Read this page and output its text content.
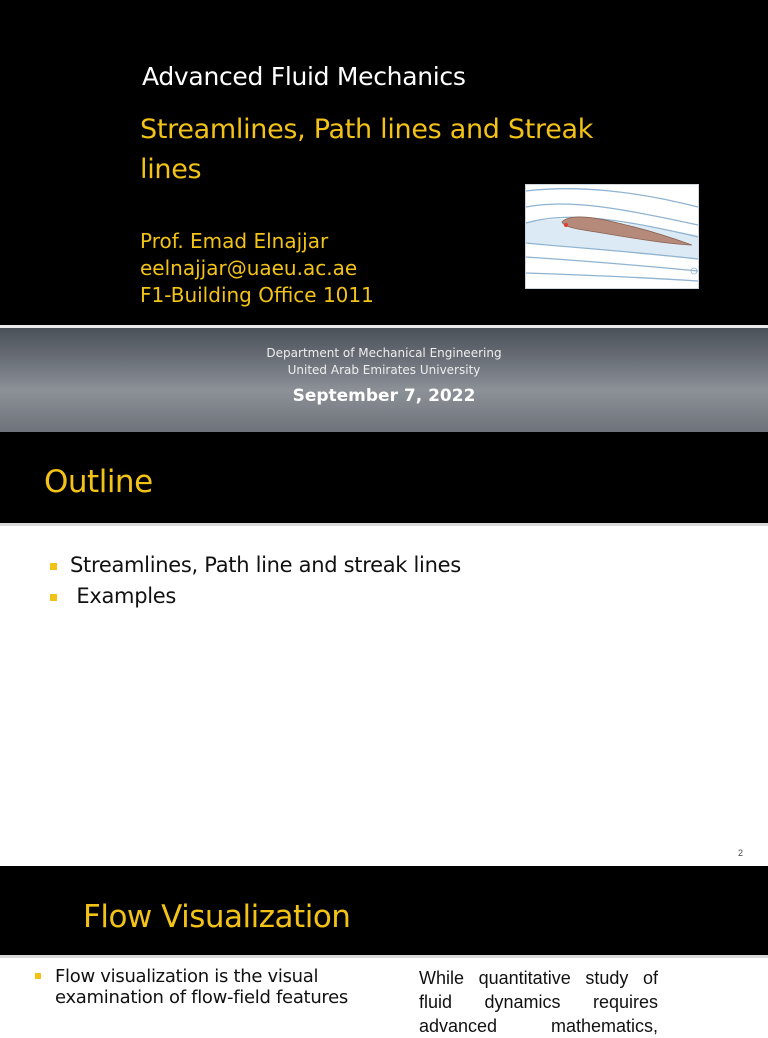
Advanced Fluid Mechanics
Streamlines, Path lines and Streak lines
Prof. Emad Elnajjar
eelnajjar@uaeu.ac.ae
F1-Building Office 1011
Department of Mechanical Engineering
United Arab Emirates University
September 7, 2022
Outline
Streamlines, Path line and streak lines
Examples
2
Flow Visualization
Flow visualization is the visual examination of flow-field features
While quantitative study of fluid dynamics requires advanced mathematics,
